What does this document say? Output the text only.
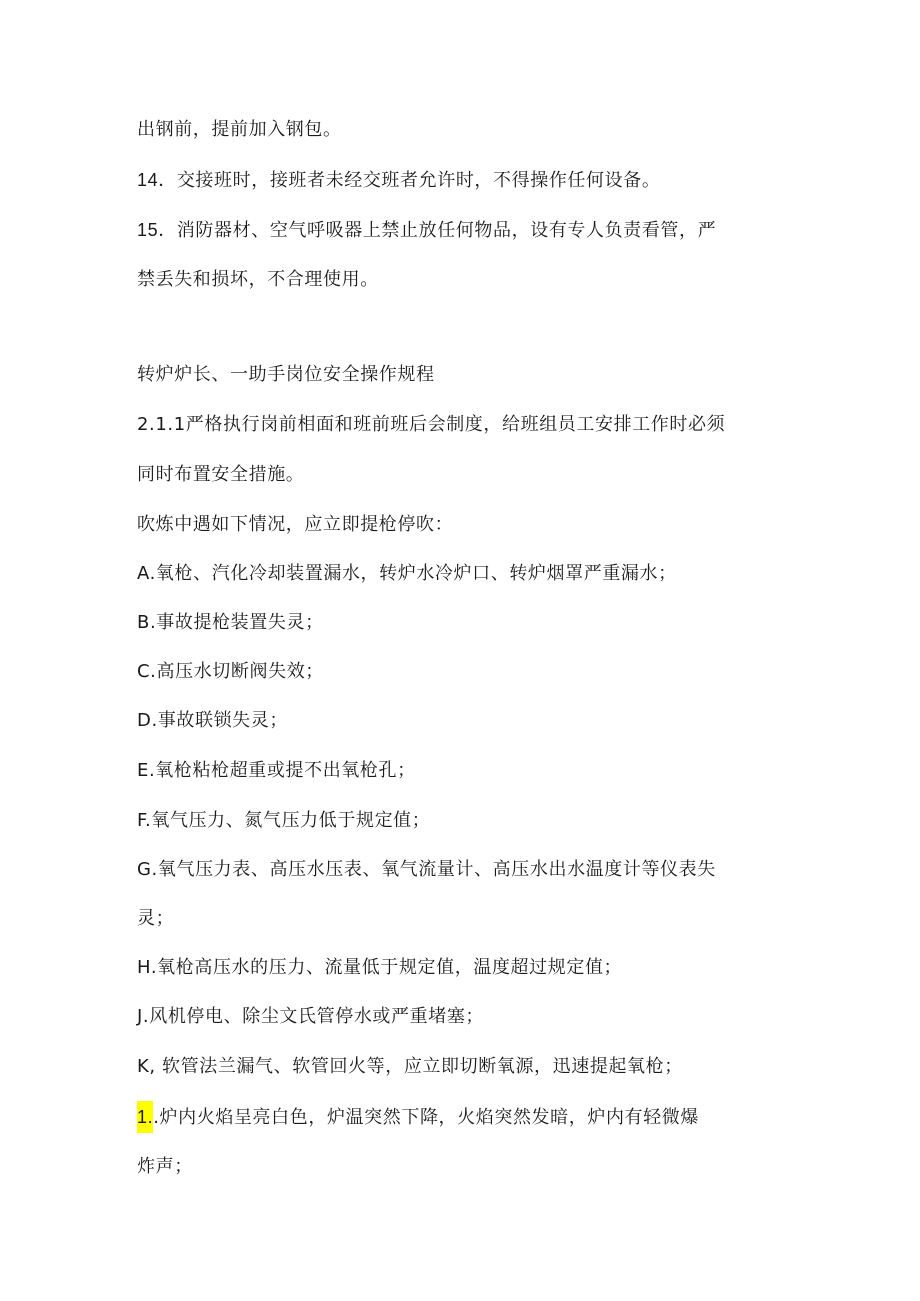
出钢前，提前加入钢包。
14．交接班时，接班者未经交班者允许时，不得操作任何设备。
15．消防器材、空气呼吸器上禁止放任何物品，设有专人负责看管，严
禁丢失和损坏，不合理使用。
转炉炉长、一助手岗位安全操作规程
2.1.1严格执行岗前相面和班前班后会制度，给班组员工安排工作时必须
同时布置安全措施。
吹炼中遇如下情况，应立即提枪停吹：
A.氧枪、汽化冷却装置漏水，转炉水冷炉口、转炉烟罩严重漏水；
B.事故提枪装置失灵；
C.高压水切断阀失效；
D.事故联锁失灵；
E.氧枪粘枪超重或提不出氧枪孔；
F.氧气压力、氮气压力低于规定值；
G.氧气压力表、高压水压表、氧气流量计、高压水出水温度计等仪表失
灵；
H.氧枪高压水的压力、流量低于规定值，温度超过规定值；
J.风机停电、除尘文氏管停水或严重堵塞；
K, 软管法兰漏气、软管回火等，应立即切断氧源，迅速提起氧枪；
1..炉内火焰呈亮白色，炉温突然下降，火焰突然发暗，炉内有轻微爆
炸声；
